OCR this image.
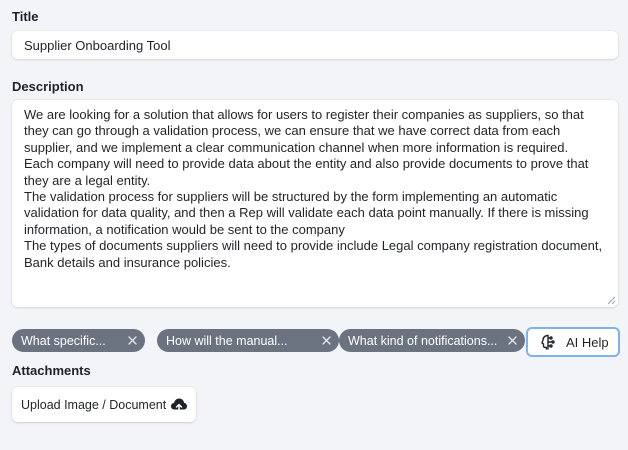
Title
Supplier Onboarding Tool
Description

We are looking for a solution that allows for users to register their companies as suppliers, so that they can go through a validation process, we can ensure that we have correct data from each supplier, and we implement a clear communication channel when more information is required.

Each company will need to provide data about the entity and also provide documents to prove that they are a legal entity.

The validation process for suppliers will be structured by the form implementing an automatic validation for data quality, and then a Rep will validate each data point manually. If there is missing information, a notification would be sent to the company

The types of documents suppliers will need to provide include Legal company registration document, Bank details and insurance policies.

What specific...	How will the manual...	What kind of notifications...	AI Help
Attachments
Upload Image / Document
